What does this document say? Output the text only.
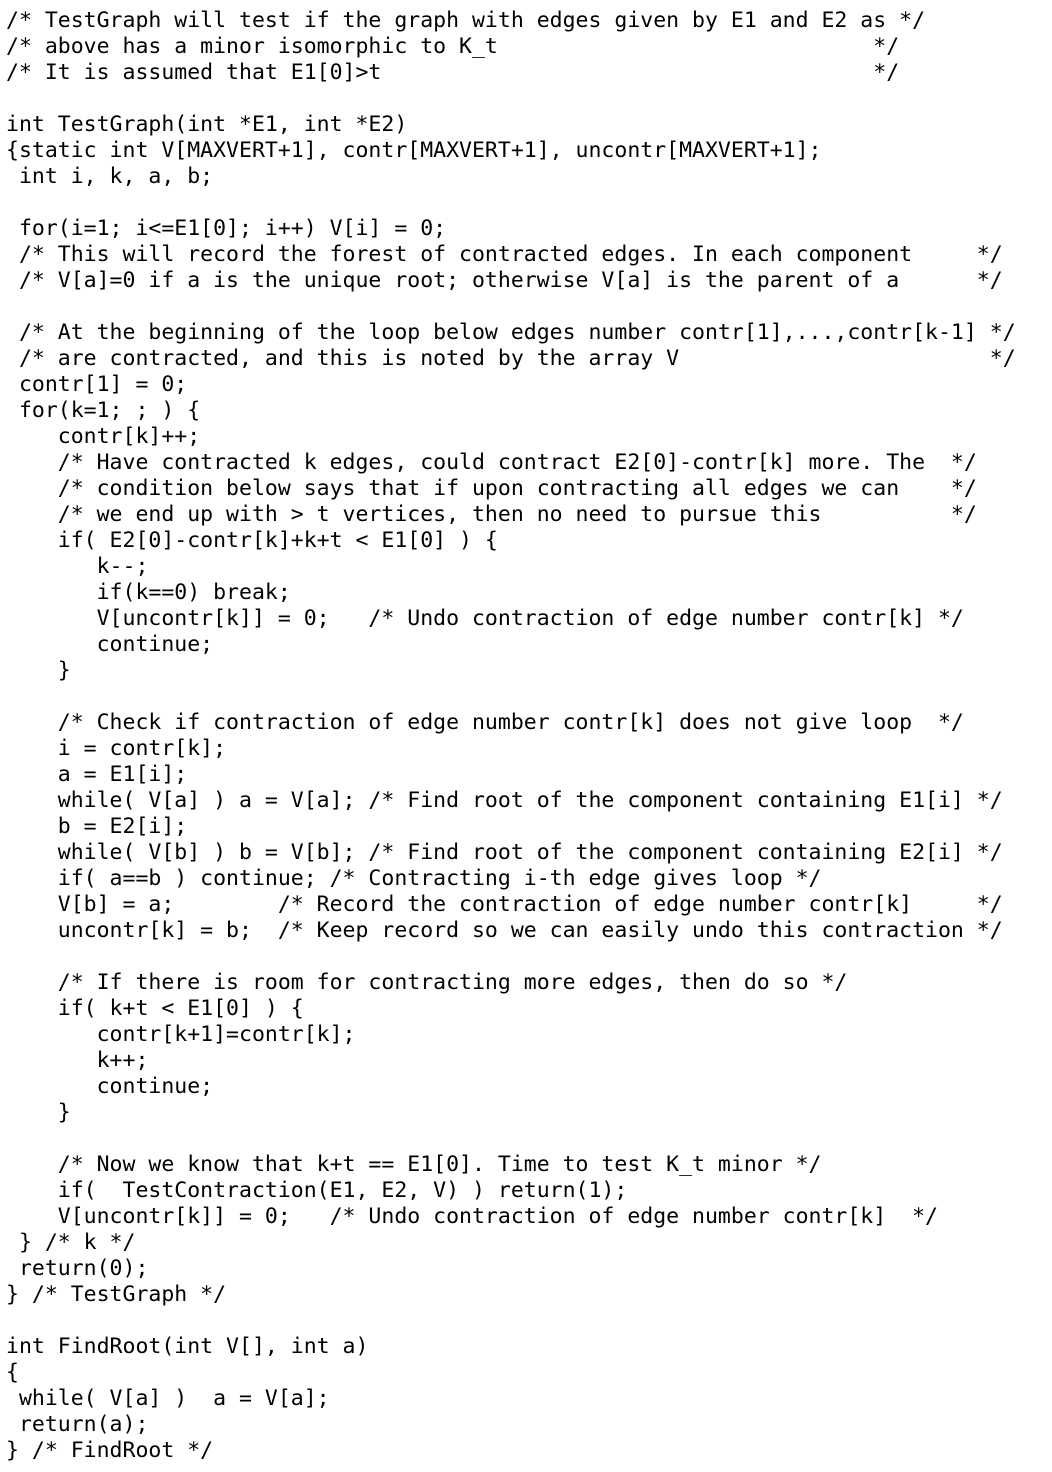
/* TestGraph will test if the graph with edges given by E1 and E2 as */
/* above has a minor isomorphic to K_t                             */
/* It is assumed that E1[0]>t                                      */
int TestGraph(int *E1, int *E2)
{static int V[MAXVERT+1], contr[MAXVERT+1], uncontr[MAXVERT+1];
int i, k, a, b;
for(i=1; i<=E1[0]; i++) V[i] = 0;
/* This will record the forest of contracted edges. In each component     */
/* V[a]=0 if a is the unique root; otherwise V[a] is the parent of a      */
/* At the beginning of the loop below edges number contr[1],...,contr[k-1] */
/* are contracted, and this is noted by the array V                        */
contr[1] = 0;
for(k=1; ; ) {
contr[k]++;
/* Have contracted k edges, could contract E2[0]-contr[k] more. The  */
/* condition below says that if upon contracting all edges we can    */
/* we end up with > t vertices, then no need to pursue this          */
if( E2[0]-contr[k]+k+t < E1[0] ) {
k--;
if(k==0) break;
V[uncontr[k]] = 0;   /* Undo contraction of edge number contr[k] */
continue;
}
/* Check if contraction of edge number contr[k] does not give loop  */
i = contr[k];
a = E1[i];
while( V[a] ) a = V[a]; /* Find root of the component containing E1[i] */
b = E2[i];
while( V[b] ) b = V[b]; /* Find root of the component containing E2[i] */
if( a==b ) continue; /* Contracting i-th edge gives loop */
V[b] = a;        /* Record the contraction of edge number contr[k]     */
uncontr[k] = b;  /* Keep record so we can easily undo this contraction */
/* If there is room for contracting more edges, then do so */
if( k+t < E1[0] ) {
contr[k+1]=contr[k];
k++;
continue;
}
/* Now we know that k+t == E1[0]. Time to test K_t minor */
if(  TestContraction(E1, E2, V) ) return(1);
V[uncontr[k]] = 0;   /* Undo contraction of edge number contr[k]  */
} /* k */
return(0);
} /* TestGraph */
int FindRoot(int V[], int a)
{
while( V[a] )  a = V[a];
return(a);
} /* FindRoot */
